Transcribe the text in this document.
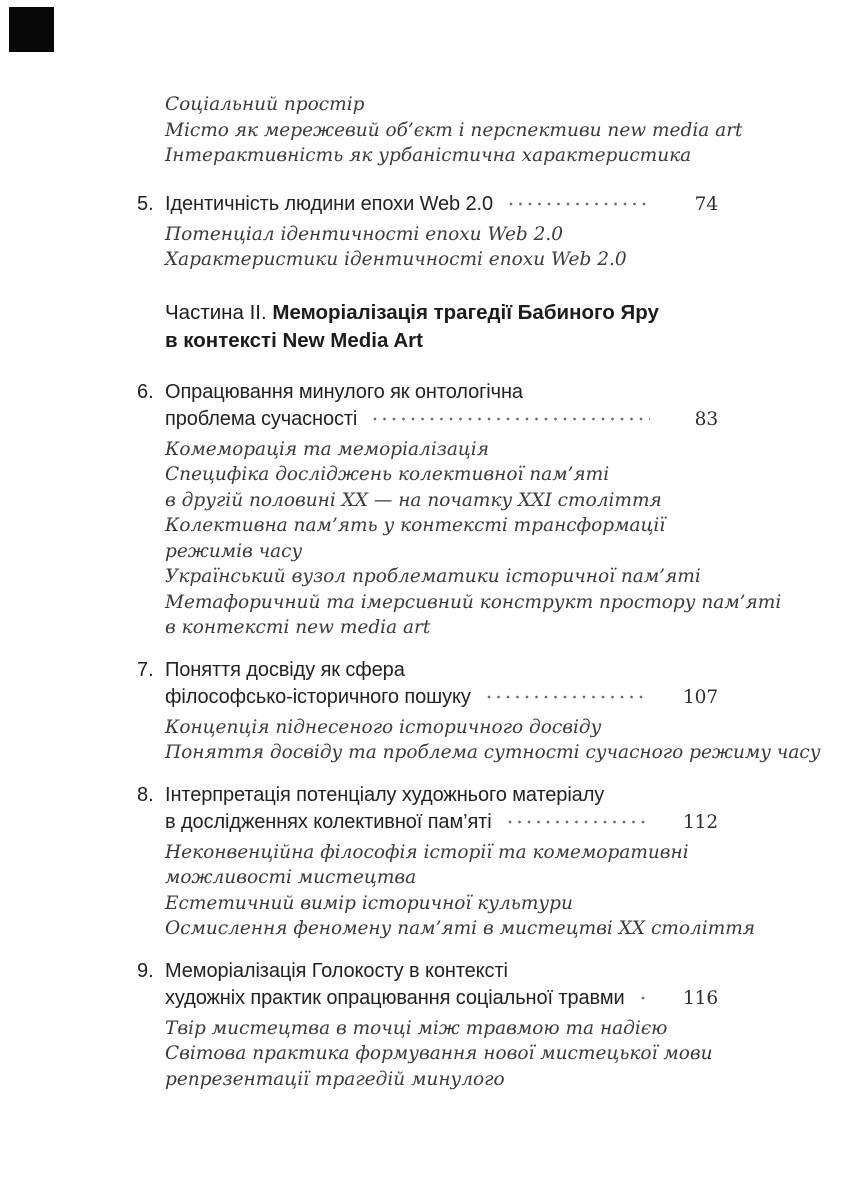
Соціальний простір
Місто як мережевий об’єкт і перспективи new media art
Інтерактивність як урбаністична характеристика
5. Ідентичність людини епохи Web 2.0	74
Потенціал ідентичності епохи Web 2.0
Характеристики ідентичності епохи Web 2.0
Частина II. Меморіалізація трагедії Бабиного Яру
в контексті New Media Art
6. Опрацювання минулого як онтологічна
проблема сучасності	83
Комеморація та меморіалізація
Специфіка досліджень колективної пам’яті
в другій половині XX — на початку XXI століття
Колективна пам’ять у контексті трансформації
режимів часу
Український вузол проблематики історичної пам’яті
Метафоричний та імерсивний конструкт простору пам’яті
в контексті new media art
7. Поняття досвіду як сфера
філософсько-історичного пошуку	107
Концепція піднесеного історичного досвіду
Поняття досвіду та проблема сутності сучасного режиму часу
8. Інтерпретація потенціалу художнього матеріалу
в дослідженнях колективної пам’яті	112
Неконвенційна філософія історії та комеморативні
можливості мистецтва
Естетичний вимір історичної культури
Осмислення феномену пам’яті в мистецтві XX століття
9. Меморіалізація Голокосту в контексті
художніх практик опрацювання соціальної травми	116
Твір мистецтва в точці між травмою та надією
Світова практика формування нової мистецької мови
репрезентації трагедій минулого
